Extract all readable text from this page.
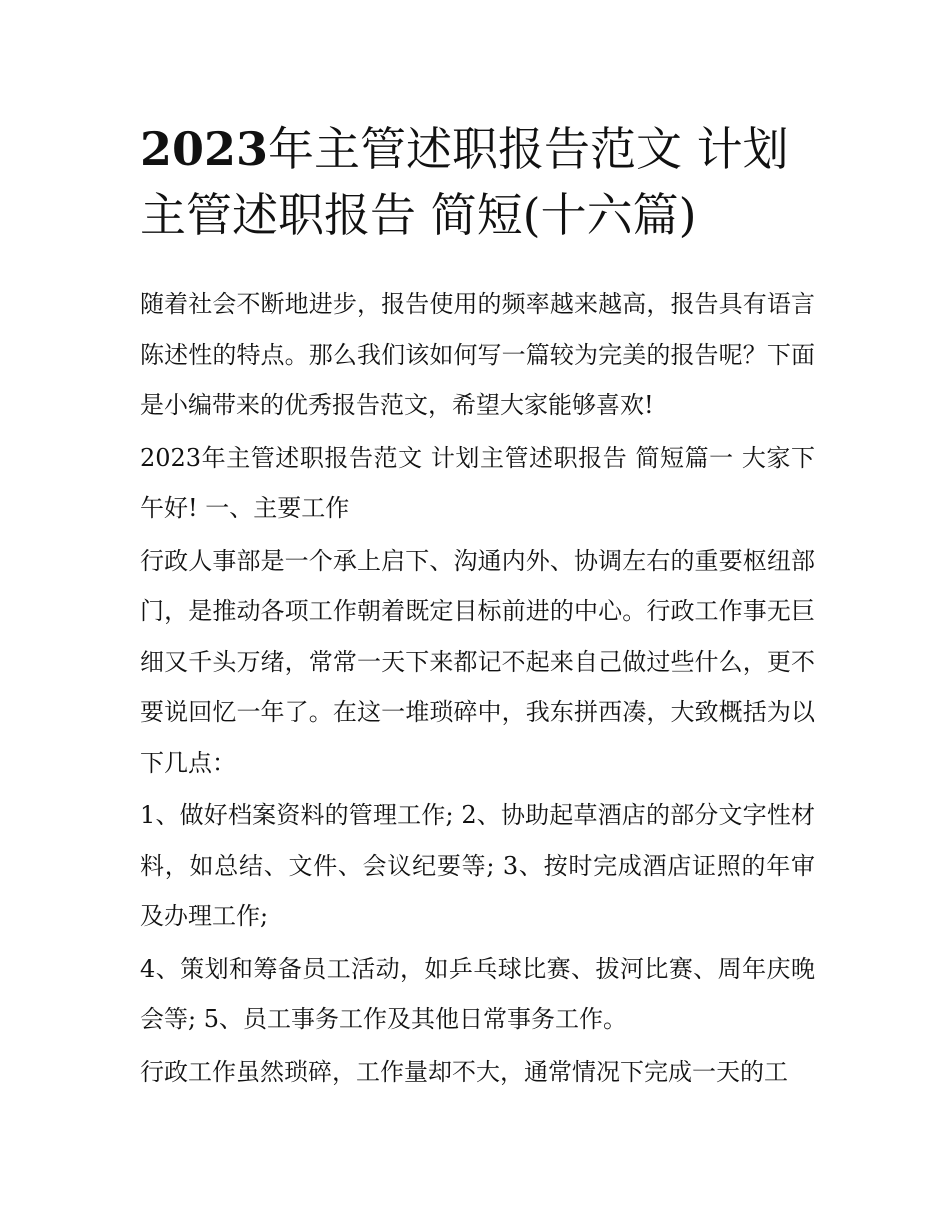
2023年主管述职报告范文 计划主管述职报告 简短(十六篇)

随着社会不断地进步，报告使用的频率越来越高，报告具有语言陈述性的特点。那么我们该如何写一篇较为完美的报告呢？下面是小编带来的优秀报告范文，希望大家能够喜欢!

2023年主管述职报告范文 计划主管述职报告 简短篇一 大家下午好! 一、主要工作

行政人事部是一个承上启下、沟通内外、协调左右的重要枢纽部门，是推动各项工作朝着既定目标前进的中心。行政工作事无巨细又千头万绪，常常一天下来都记不起来自己做过些什么，更不要说回忆一年了。在这一堆琐碎中，我东拼西凑，大致概括为以下几点：

1、做好档案资料的管理工作; 2、协助起草酒店的部分文字性材料，如总结、文件、会议纪要等; 3、按时完成酒店证照的年审及办理工作;

4、策划和筹备员工活动，如乒乓球比赛、拔河比赛、周年庆晚会等; 5、员工事务工作及其他日常事务工作。

行政工作虽然琐碎，工作量却不大，通常情况下完成一天的工
